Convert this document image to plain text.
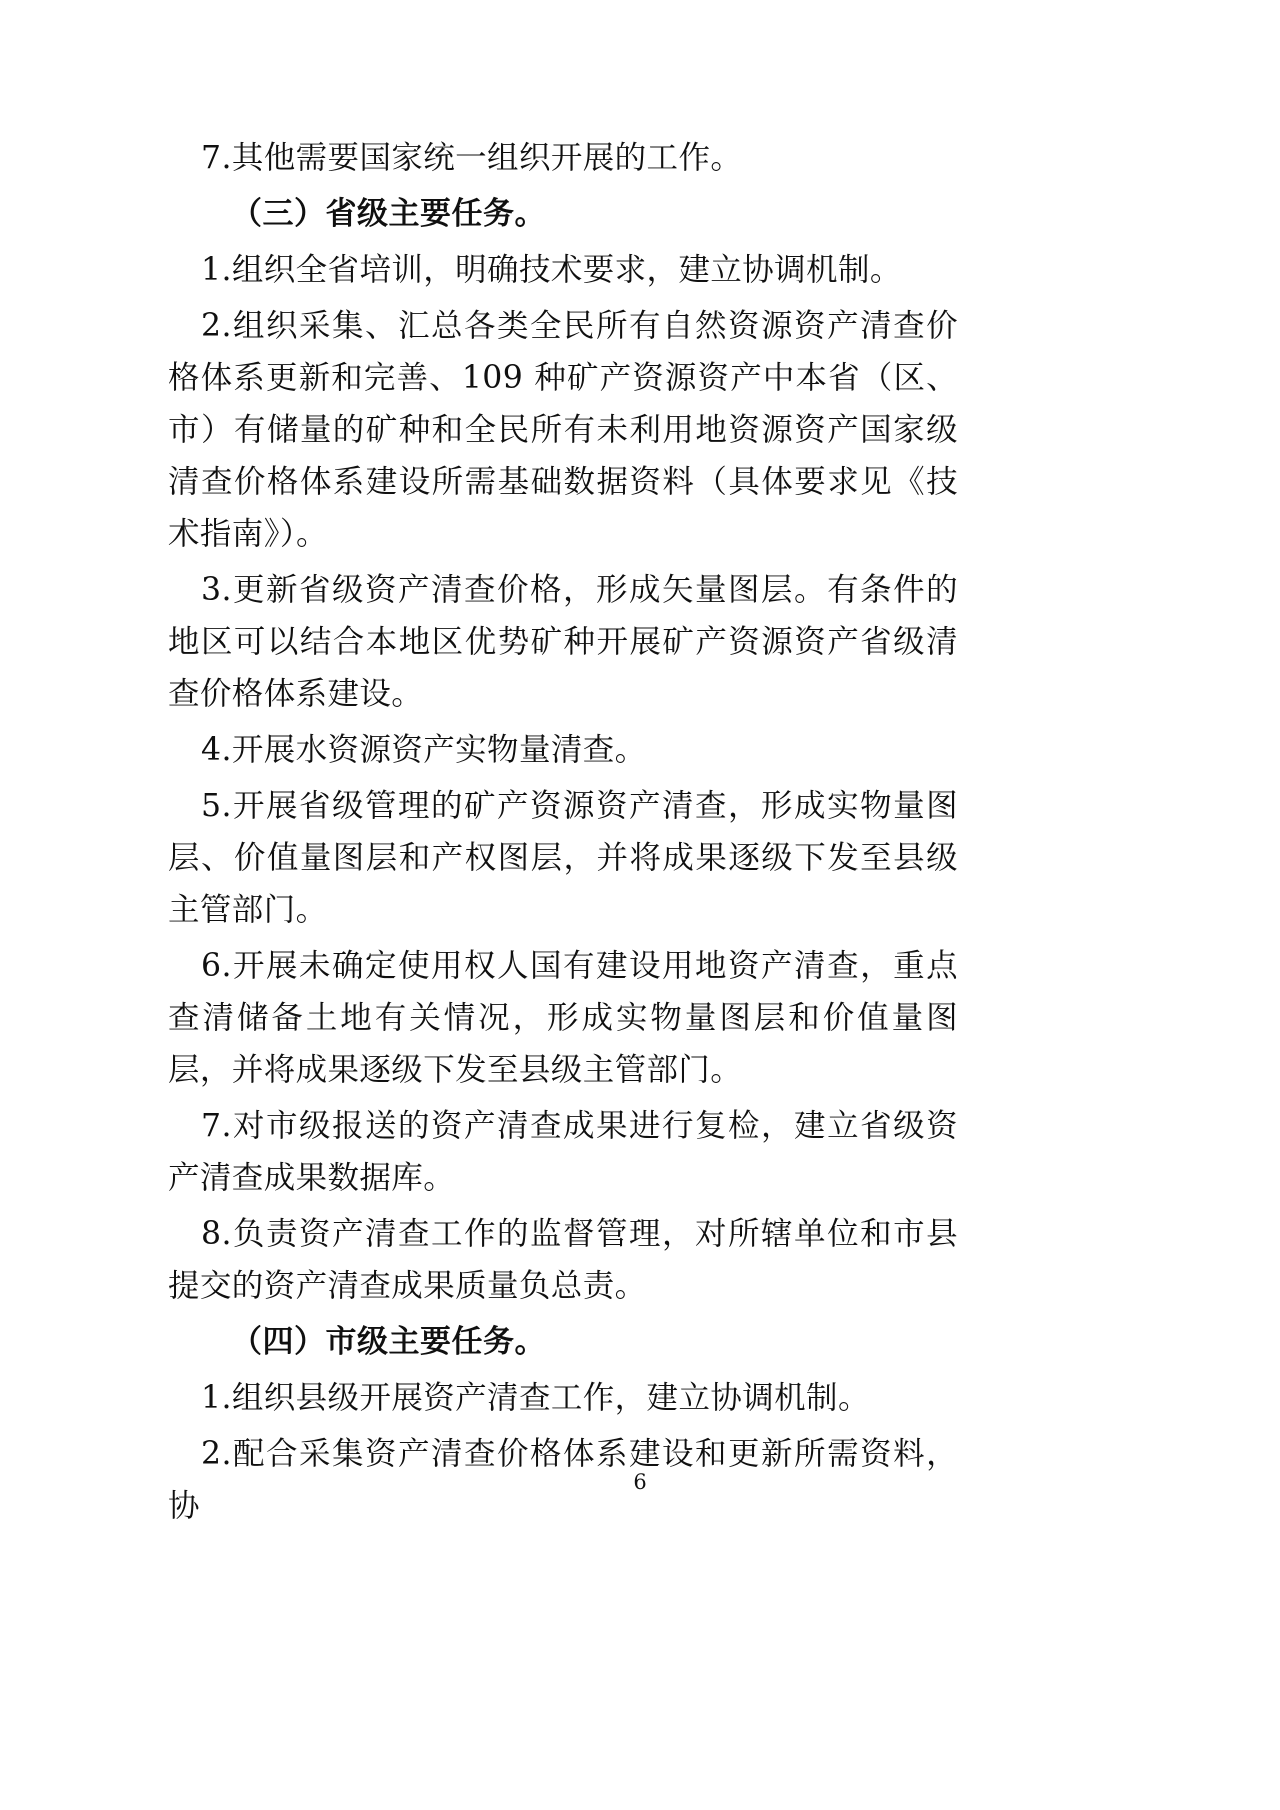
7.其他需要国家统一组织开展的工作。

（三）省级主要任务。

1.组织全省培训，明确技术要求，建立协调机制。

2.组织采集、汇总各类全民所有自然资源资产清查价格体系更新和完善、109 种矿产资源资产中本省（区、市）有储量的矿种和全民所有未利用地资源资产国家级清查价格体系建设所需基础数据资料（具体要求见《技术指南》）。

3.更新省级资产清查价格，形成矢量图层。有条件的地区可以结合本地区优势矿种开展矿产资源资产省级清查价格体系建设。

4.开展水资源资产实物量清查。

5.开展省级管理的矿产资源资产清查，形成实物量图层、价值量图层和产权图层，并将成果逐级下发至县级主管部门。

6.开展未确定使用权人国有建设用地资产清查，重点查清储备土地有关情况，形成实物量图层和价值量图层，并将成果逐级下发至县级主管部门。

7.对市级报送的资产清查成果进行复检，建立省级资产清查成果数据库。

8.负责资产清查工作的监督管理，对所辖单位和市县提交的资产清查成果质量负总责。

（四）市级主要任务。

1.组织县级开展资产清查工作，建立协调机制。

2.配合采集资产清查价格体系建设和更新所需资料，协

6
